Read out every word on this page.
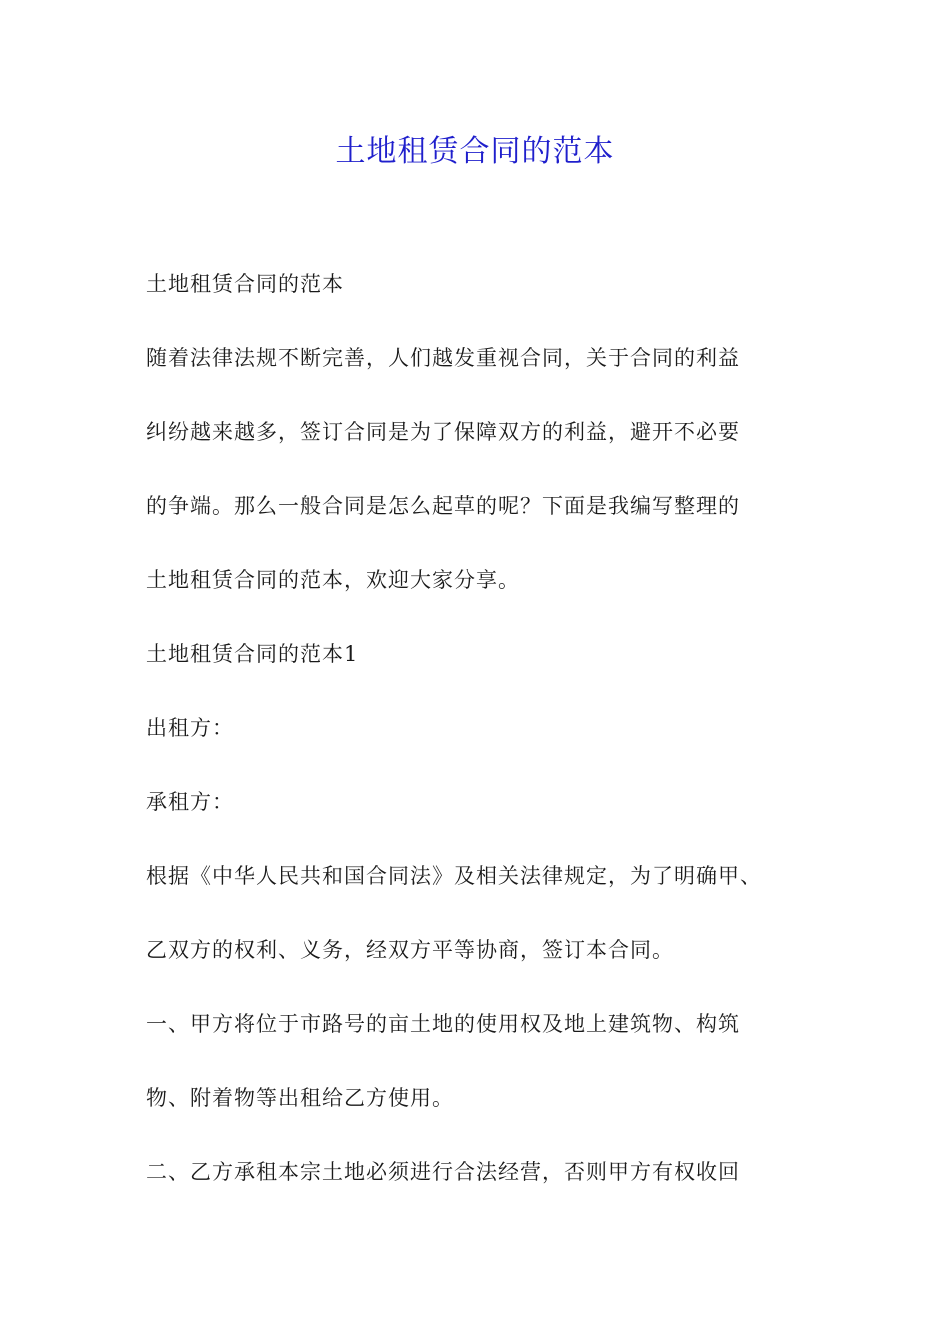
土地租赁合同的范本

土地租赁合同的范本

随着法律法规不断完善，人们越发重视合同，关于合同的利益

纠纷越来越多，签订合同是为了保障双方的利益，避开不必要

的争端。那么一般合同是怎么起草的呢？下面是我编写整理的

土地租赁合同的范本，欢迎大家分享。

土地租赁合同的范本1

出租方：

承租方：

根据《中华人民共和国合同法》及相关法律规定，为了明确甲、

乙双方的权利、义务，经双方平等协商，签订本合同。

一、甲方将位于市路号的亩土地的使用权及地上建筑物、构筑

物、附着物等出租给乙方使用。

二、乙方承租本宗土地必须进行合法经营，否则甲方有权收回
